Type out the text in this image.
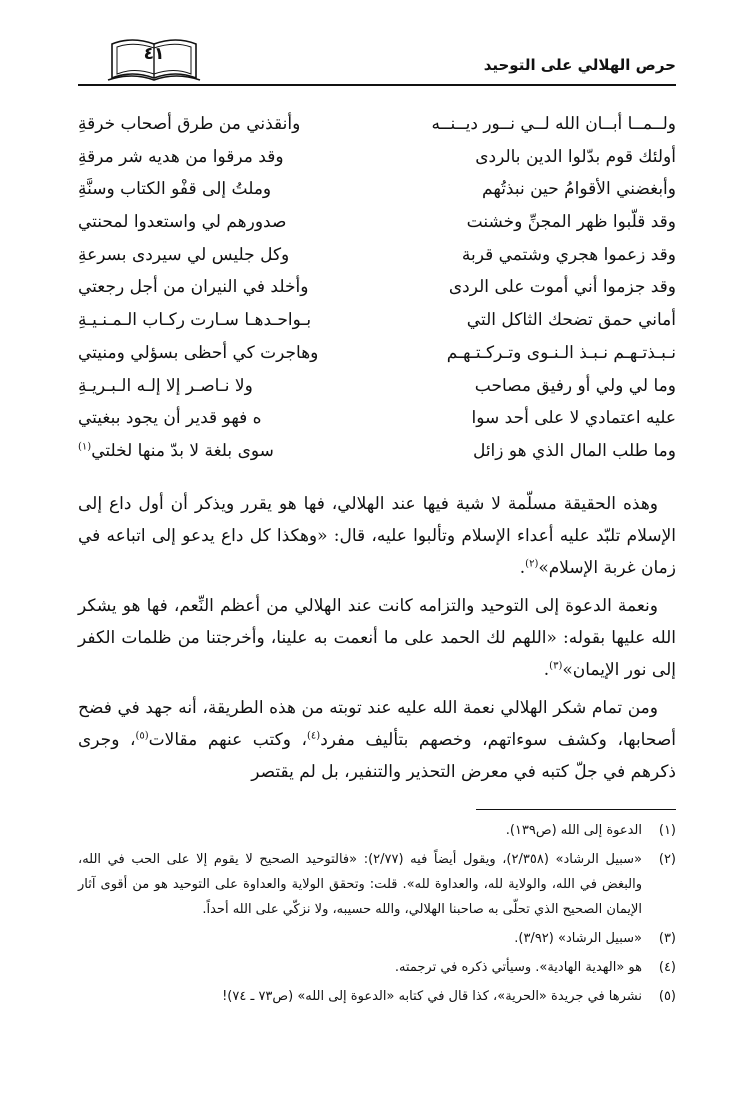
حرص الهلالي على التوحيد
٤١
ولــمــا أبــان الله لــي نــور ديــنــه
وأنقذني من طرق أصحاب خرقةِ
أولئك قوم بدّلوا الدين بالردى
وقد مرقوا من هديه شر مرقةِ
وأبغضني الأقوامُ حين نبذتُهم
وملتُ إلى قفْو الكتاب وسنَّةِ
وقد قلّبوا ظهر المجنِّ وخشنت
صدورهم لي واستعدوا لمحنتي
وقد زعموا هجري وشتمي قربة
وكل جليس لي سيردى بسرعةِ
وقد جزموا أني أموت على الردى
وأخلد في النيران من أجل رجعتي
أماني حمق تضحك الثاكل التي
بـواحـدهـا سـارت ركـاب الـمـنـيـةِ
نـبـذتـهـم نـبـذ الـنـوى وتـركـتـهـم
وهاجرت كي أحظى بسؤلي ومنيتي
وما لي ولي أو رفيق مصاحب
ولا نـاصـر إلا إلـه الـبـريـةِ
عليه اعتمادي لا على أحد سوا
ه فهو قدير أن يجود ببغيتي
وما طلب المال الذي هو زائل
سوى بلغة لا بدّ منها لخلتي$^{(١)}$

وهذه الحقيقة مسلّمة لا شية فيها عند الهلالي، فها هو يقرر ويذكر أن أول داع إلى الإسلام تلبّد عليه أعداء الإسلام وتألبوا عليه، قال: «وهكذا كل داع يدعو إلى اتباعه في زمان غربة الإسلام»$^{(٢)}$.

ونعمة الدعوة إلى التوحيد والتزامه كانت عند الهلالي من أعظم النِّعم، فها هو يشكر الله عليها بقوله: «اللهم لك الحمد على ما أنعمت به علينا، وأخرجتنا من ظلمات الكفر إلى نور الإيمان»$^{(٣)}$.

ومن تمام شكر الهلالي نعمة الله عليه عند توبته من هذه الطريقة، أنه جهد في فضح أصحابها، وكشف سوءاتهم، وخصهم بتأليف مفرد$^{(٤)}$، وكتب عنهم مقالات$^{(٥)}$، وجرى ذكرهم في جلّ كتبه في معرض التحذير والتنفير، بل لم يقتصر

(١)
الدعوة إلى الله (ص١٣٩).
(٢)
«سبيل الرشاد» (٢/٣٥٨)، ويقول أيضاً فيه (٢/٧٧): «فالتوحيد الصحيح لا يقوم إلا على الحب في الله، والبغض في الله، والولاية لله، والعداوة لله». قلت: وتحقق الولاية والعداوة على التوحيد هو من أقوى آثار الإيمان الصحيح الذي تحلّى به صاحبنا الهلالي، والله حسيبه، ولا نزكّي على الله أحداً.
(٣)
«سبيل الرشاد» (٣/٩٢).
(٤)
هو «الهدية الهادية». وسيأتي ذكره في ترجمته.
(٥)
نشرها في جريدة «الحرية»، كذا قال في كتابه «الدعوة إلى الله» (ص٧٣ ـ ٧٤)!
